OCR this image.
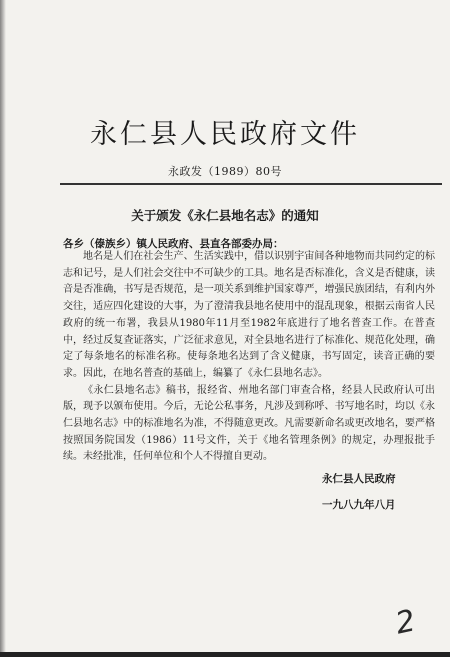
永仁县人民政府文件
永政发（1989）80号
关于颁发《永仁县地名志》的通知
各乡（傣族乡）镇人民政府、县直各部委办局：

地名是人们在社会生产、生活实践中，借以识别宇宙间各种地物而共同约定的标志和记号，是人们社会交往中不可缺少的工具。地名是否标准化，含义是否健康，读音是否准确，书写是否规范，是一项关系到维护国家尊严，增强民族团结，有利内外交往，适应四化建设的大事，为了澄清我县地名使用中的混乱现象，根据云南省人民政府的统一布署，我县从1980年11月至1982年底进行了地名普查工作。在普查中，经过反复查证落实，广泛征求意见，对全县地名进行了标准化、规范化处理，确定了每条地名的标准名称。使每条地名达到了含义健康，书写固定，读音正确的要求。因此，在地名普查的基础上，编纂了《永仁县地名志》。

《永仁县地名志》稿书，报经省、州地名部门审查合格，经县人民政府认可出版，现予以颁布使用。今后，无论公私事务，凡涉及到称呼、书写地名时，均以《永仁县地名志》中的标准地名为准，不得随意更改。凡需要新命名或更改地名，要严格按照国务院国发（1986）11号文件，关于《地名管理条例》的规定，办理报批手续。未经批准，任何单位和个人不得擅自更动。

永仁县人民政府
一九八九年八月
2
